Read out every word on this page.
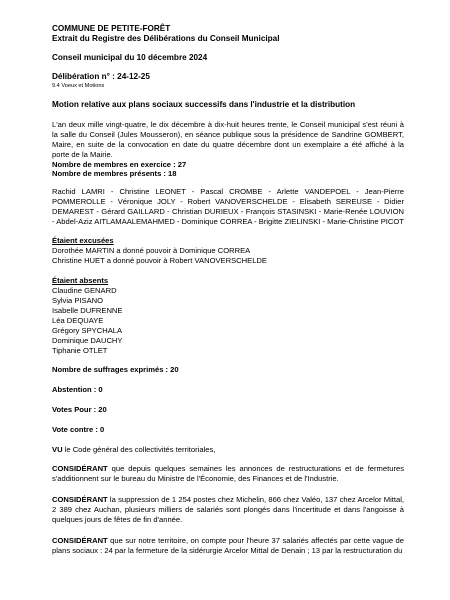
COMMUNE DE PETITE-FORÊT
Extrait du Registre des Délibérations du Conseil Municipal
Conseil municipal du 10 décembre 2024
Délibération n° : 24-12-25
9.4 Voeux et Motions
Motion relative aux plans sociaux successifs dans l'industrie et la distribution
L'an deux mille vingt-quatre, le dix décembre à dix-huit heures trente, le Conseil municipal s'est réuni à la salle du Conseil (Jules Mousseron), en séance publique sous la présidence de Sandrine GOMBERT, Maire, en suite de la convocation en date du quatre décembre dont un exemplaire a été affiché à la porte de la Mairie.
Nombre de membres en exercice : 27
Nombre de membres présents : 18
Rachid LAMRI - Christine LEONET - Pascal CROMBE - Arlette VANDEPOEL - Jean-Pierre POMMEROLLE - Véronique JOLY - Robert VANOVERSCHELDE - Elisabeth SEREUSE - Didier DEMAREST - Gérard GAILLARD - Christian DURIEUX - François STASINSKI - Marie-Renée LOUVION - Abdel-Aziz AITLAMAALEMAHMED - Dominique CORREA - Brigitte ZIELINSKI - Marie-Christine PICOT
Étaient excusées
Dorothée MARTIN a donné pouvoir à Dominique CORREA
Christine HUET a donné pouvoir à Robert VANOVERSCHELDE
Étaient absents
Claudine GENARD
Sylvia PISANO
Isabelle DUFRENNE
Léa DEQUAYE
Grégory SPYCHALA
Dominique DAUCHY
Tiphanie OTLET
Nombre de suffrages exprimés : 20
Abstention : 0
Votes Pour : 20
Vote contre : 0
VU le Code général des collectivités territoriales,
CONSIDÉRANT que depuis quelques semaines les annonces de restructurations et de fermetures s'additionnent sur le bureau du Ministre de l'Économie, des Finances et de l'Industrie.
CONSIDÉRANT la suppression de 1 254 postes chez Michelin, 866 chez Valéo, 137 chez Arcelor Mittal, 2 389 chez Auchan, plusieurs milliers de salariés sont plongés dans l'incertitude et dans l'angoisse à quelques jours de fêtes de fin d'année.
CONSIDÉRANT que sur notre territoire, on compte pour l'heure 37 salariés affectés par cette vague de plans sociaux : 24 par la fermeture de la sidérurgie Arcelor Mittal de Denain ; 13 par la restructuration du
